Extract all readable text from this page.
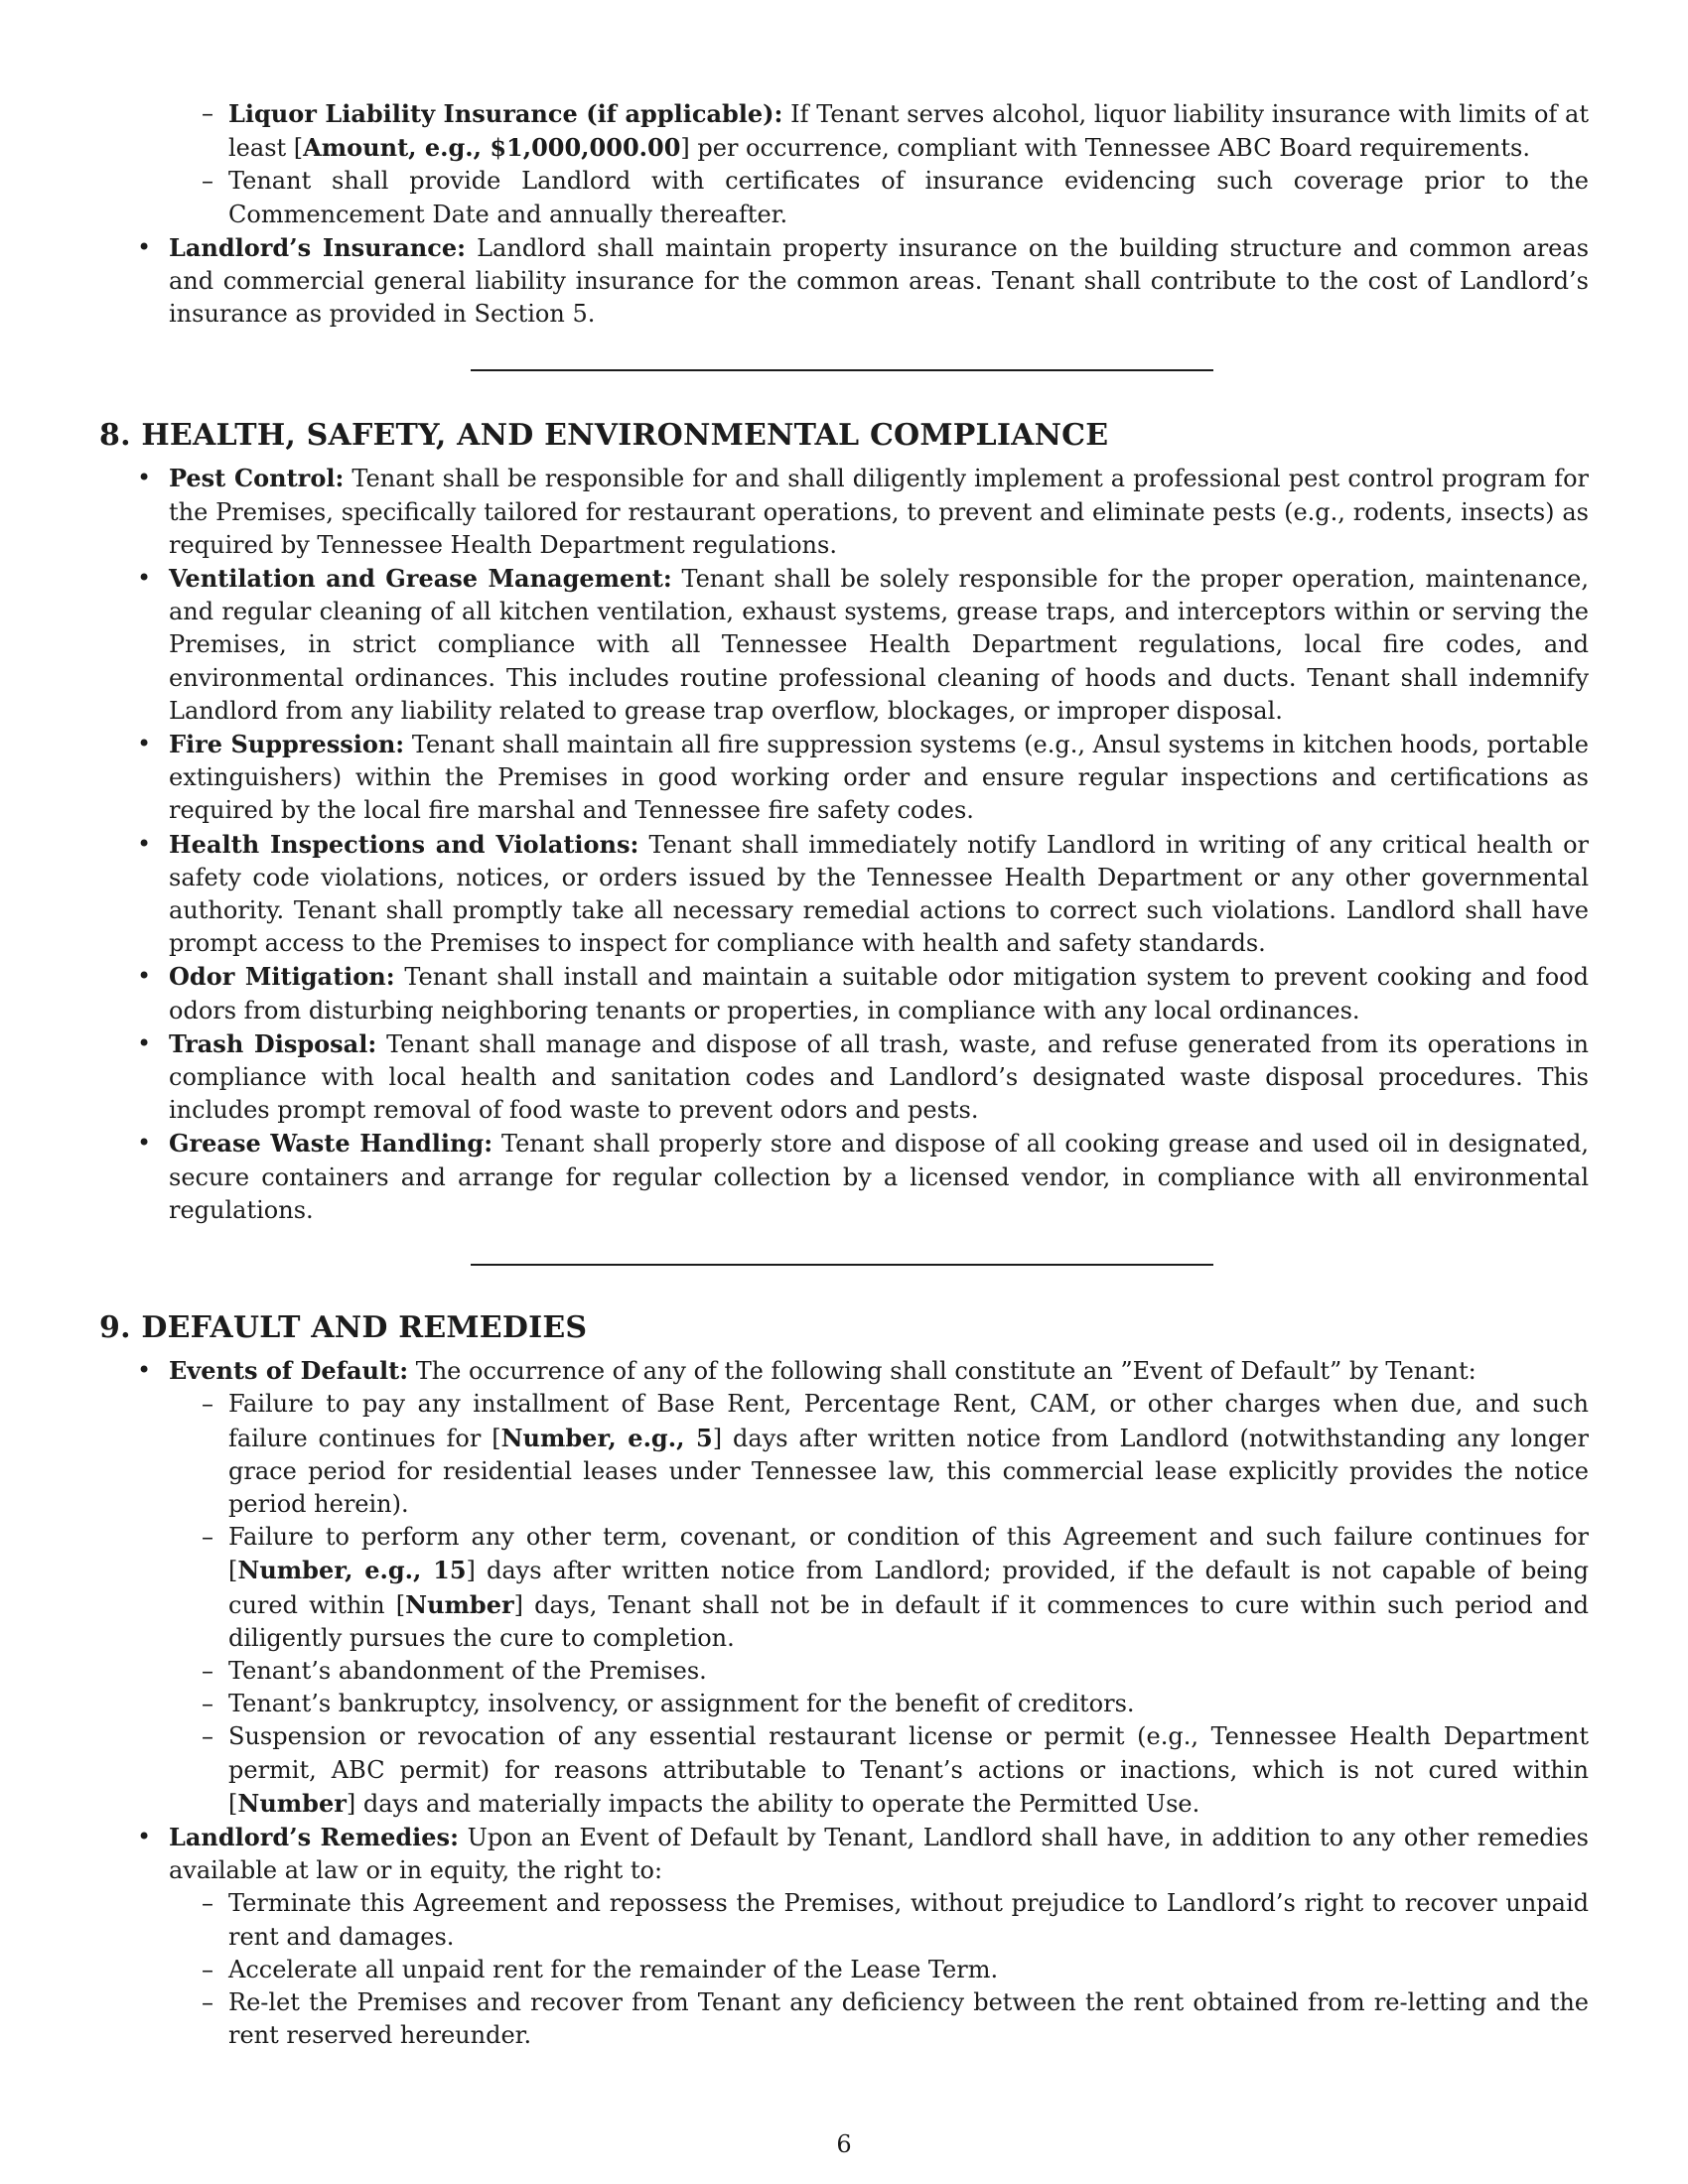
– Liquor Liability Insurance (if applicable): If Tenant serves alcohol, liquor liability insurance with limits of at least [Amount, e.g., $1,000,000.00] per occurrence, compliant with Tennessee ABC Board requirements.
– Tenant shall provide Landlord with certificates of insurance evidencing such coverage prior to the Commencement Date and annually thereafter.
• Landlord’s Insurance: Landlord shall maintain property insurance on the building structure and common areas and commercial general liability insurance for the common areas. Tenant shall contribute to the cost of Landlord’s insurance as provided in Section 5.
8. HEALTH, SAFETY, AND ENVIRONMENTAL COMPLIANCE
• Pest Control: Tenant shall be responsible for and shall diligently implement a professional pest control program for the Premises, specifically tailored for restaurant operations, to prevent and eliminate pests (e.g., rodents, insects) as required by Tennessee Health Department regulations.
• Ventilation and Grease Management: Tenant shall be solely responsible for the proper operation, maintenance, and regular cleaning of all kitchen ventilation, exhaust systems, grease traps, and interceptors within or serving the Premises, in strict compliance with all Tennessee Health Department regulations, local fire codes, and environmental ordinances. This includes routine professional cleaning of hoods and ducts. Tenant shall indemnify Landlord from any liability related to grease trap overflow, blockages, or improper disposal.
• Fire Suppression: Tenant shall maintain all fire suppression systems (e.g., Ansul systems in kitchen hoods, portable extinguishers) within the Premises in good working order and ensure regular inspections and certifications as required by the local fire marshal and Tennessee fire safety codes.
• Health Inspections and Violations: Tenant shall immediately notify Landlord in writing of any critical health or safety code violations, notices, or orders issued by the Tennessee Health Department or any other governmental authority. Tenant shall promptly take all necessary remedial actions to correct such violations. Landlord shall have prompt access to the Premises to inspect for compliance with health and safety standards.
• Odor Mitigation: Tenant shall install and maintain a suitable odor mitigation system to prevent cooking and food odors from disturbing neighboring tenants or properties, in compliance with any local ordinances.
• Trash Disposal: Tenant shall manage and dispose of all trash, waste, and refuse generated from its operations in compliance with local health and sanitation codes and Landlord’s designated waste disposal procedures. This includes prompt removal of food waste to prevent odors and pests.
• Grease Waste Handling: Tenant shall properly store and dispose of all cooking grease and used oil in designated, secure containers and arrange for regular collection by a licensed vendor, in compliance with all environmental regulations.
9. DEFAULT AND REMEDIES
• Events of Default: The occurrence of any of the following shall constitute an ”Event of Default” by Tenant:
– Failure to pay any installment of Base Rent, Percentage Rent, CAM, or other charges when due, and such failure continues for [Number, e.g., 5] days after written notice from Landlord (notwithstanding any longer grace period for residential leases under Tennessee law, this commercial lease explicitly provides the notice period herein).
– Failure to perform any other term, covenant, or condition of this Agreement and such failure continues for [Number, e.g., 15] days after written notice from Landlord; provided, if the default is not capable of being cured within [Number] days, Tenant shall not be in default if it commences to cure within such period and diligently pursues the cure to completion.
– Tenant’s abandonment of the Premises.
– Tenant’s bankruptcy, insolvency, or assignment for the benefit of creditors.
– Suspension or revocation of any essential restaurant license or permit (e.g., Tennessee Health Department permit, ABC permit) for reasons attributable to Tenant’s actions or inactions, which is not cured within [Number] days and materially impacts the ability to operate the Permitted Use.
• Landlord’s Remedies: Upon an Event of Default by Tenant, Landlord shall have, in addition to any other remedies available at law or in equity, the right to:
– Terminate this Agreement and repossess the Premises, without prejudice to Landlord’s right to recover unpaid rent and damages.
– Accelerate all unpaid rent for the remainder of the Lease Term.
– Re-let the Premises and recover from Tenant any deficiency between the rent obtained from re-letting and the rent reserved hereunder.
6
